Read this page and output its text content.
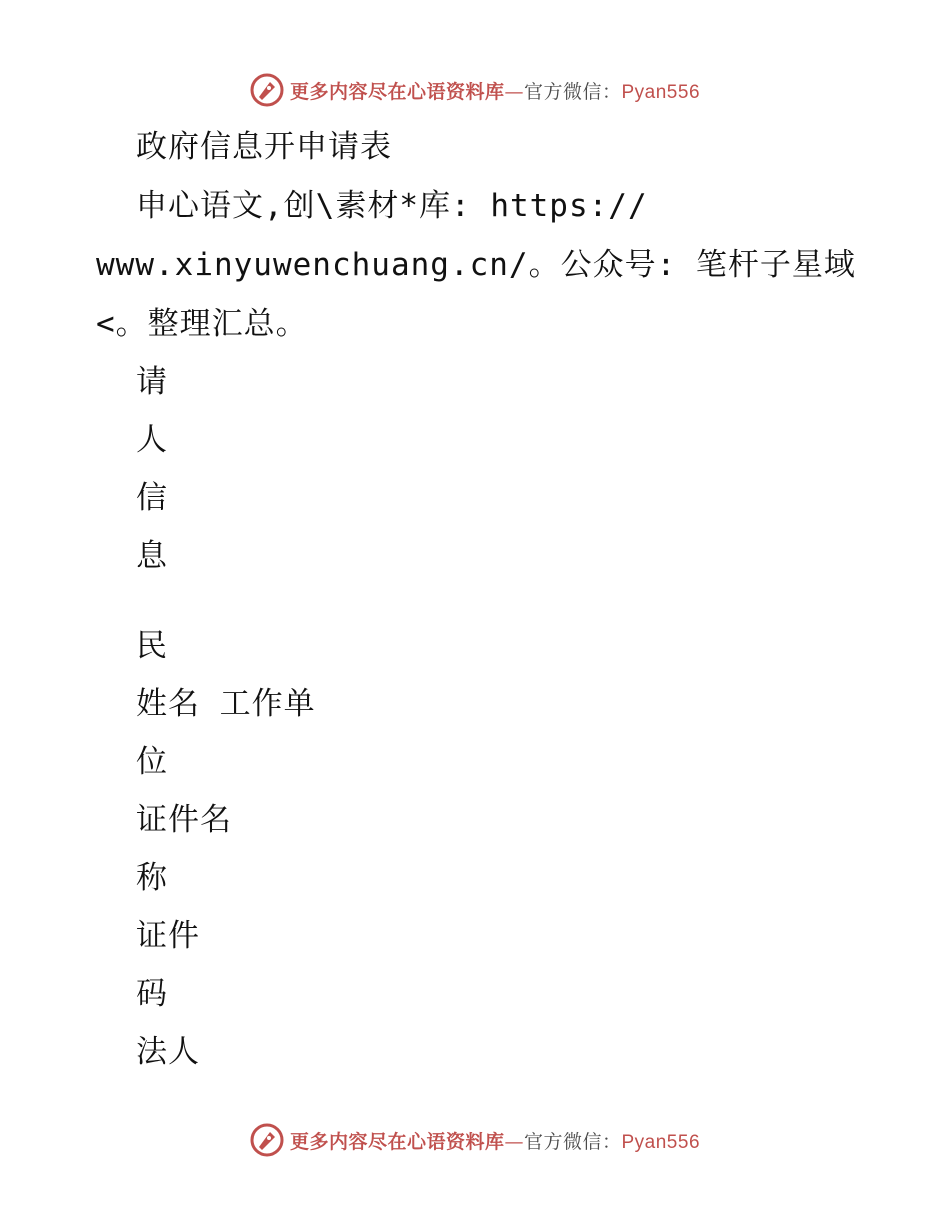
更多内容尽在心语资料库—官方微信：Pyan556
政府信息开申请表
申心语文,创\素材*库: https://
www.xinyuwenchuang.cn/。公众号: 笔杆子星域
<。整理汇总。
请
人
信
息
民
姓名 工作单
位
证件名
称
证件
码
法人
更多内容尽在心语资料库—官方微信：Pyan556
